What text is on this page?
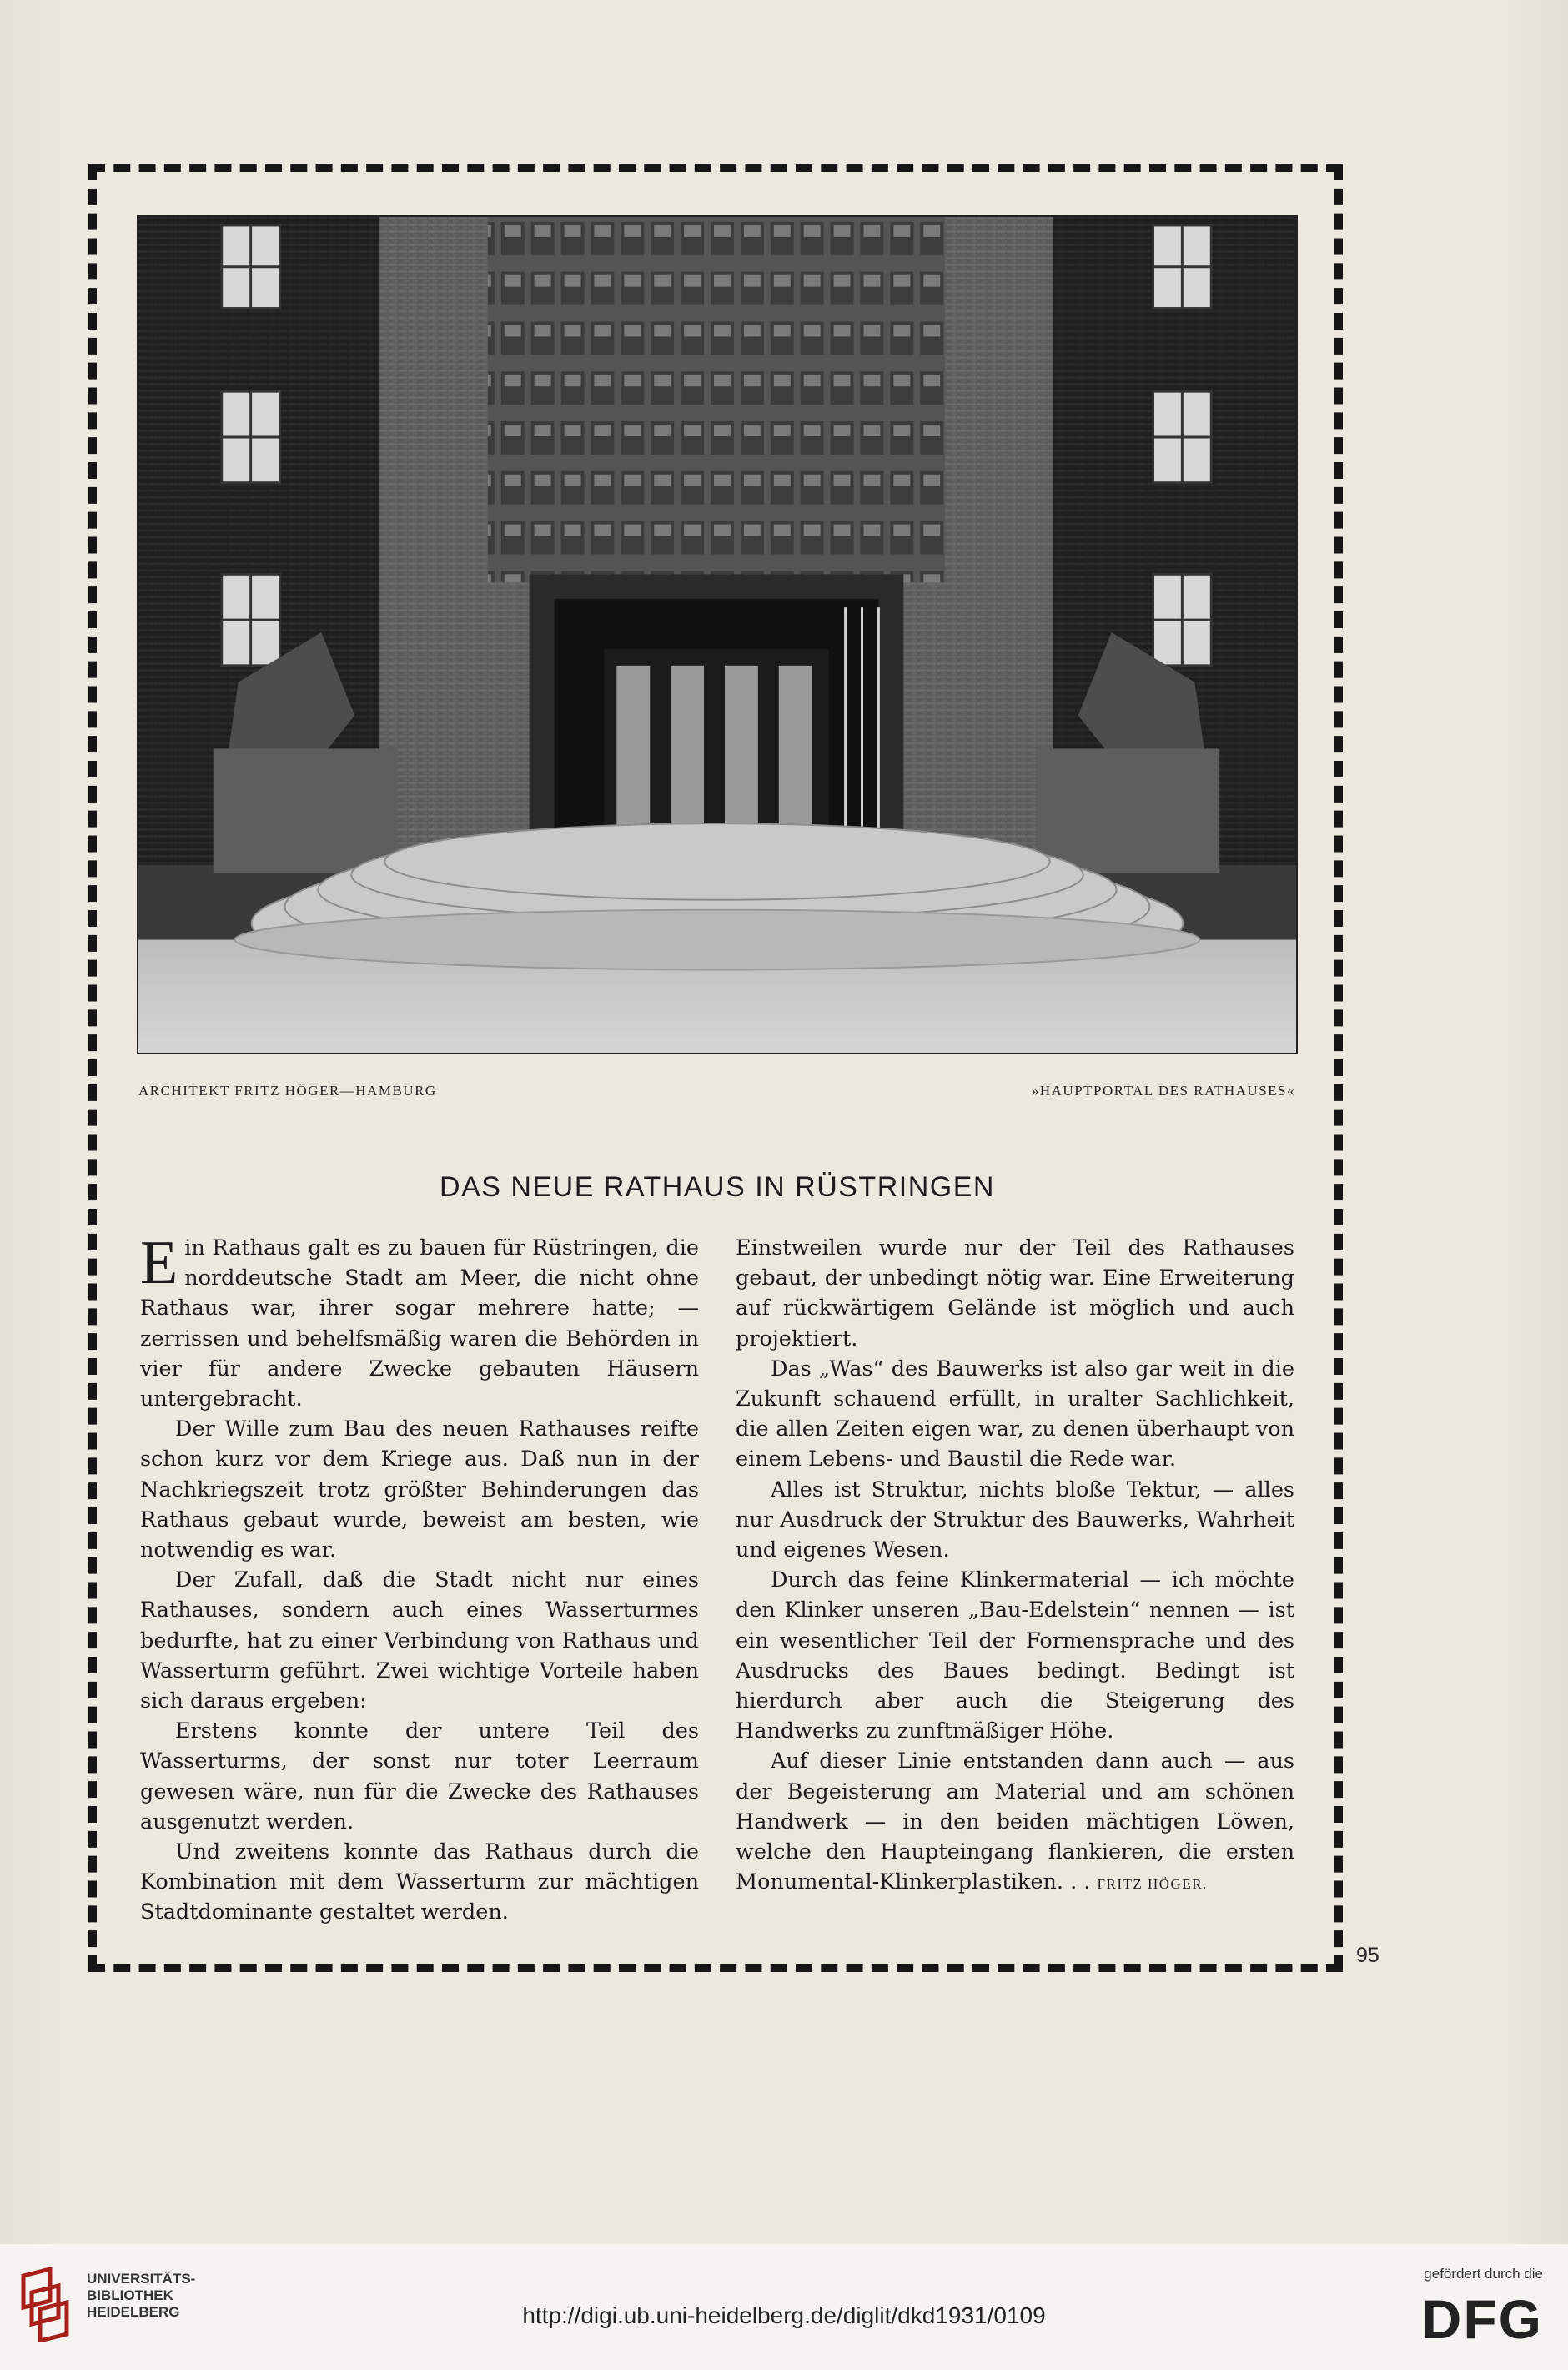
ARCHITEKT FRITZ HÖGER—HAMBURG	»HAUPTPORTAL DES RATHAUSES«
DAS NEUE RATHAUS IN RÜSTRINGEN

Ein Rathaus galt es zu bauen für Rüstringen, die norddeutsche Stadt am Meer, die nicht ohne Rathaus war, ihrer sogar mehrere hatte; — zerrissen und behelfsmäßig waren die Behörden in vier für andere Zwecke gebauten Häusern untergebracht.

Der Wille zum Bau des neuen Rathauses reifte schon kurz vor dem Kriege aus. Daß nun in der Nachkriegszeit trotz größter Behinderungen das Rathaus gebaut wurde, beweist am besten, wie notwendig es war.

Der Zufall, daß die Stadt nicht nur eines Rathauses, sondern auch eines Wasserturmes bedurfte, hat zu einer Verbindung von Rathaus und Wasserturm geführt. Zwei wichtige Vorteile haben sich daraus ergeben:

Erstens konnte der untere Teil des Wasserturms, der sonst nur toter Leerraum gewesen wäre, nun für die Zwecke des Rathauses ausgenutzt werden.

Und zweitens konnte das Rathaus durch die Kombination mit dem Wasserturm zur mächtigen Stadtdominante gestaltet werden.

Einstweilen wurde nur der Teil des Rathauses gebaut, der unbedingt nötig war. Eine Erweiterung auf rückwärtigem Gelände ist möglich und auch projektiert.

Das „Was“ des Bauwerks ist also gar weit in die Zukunft schauend erfüllt, in uralter Sachlichkeit, die allen Zeiten eigen war, zu denen überhaupt von einem Lebens- und Baustil die Rede war.

Alles ist Struktur, nichts bloße Tektur, — alles nur Ausdruck der Struktur des Bauwerks, Wahrheit und eigenes Wesen.

Durch das feine Klinkermaterial — ich möchte den Klinker unseren „Bau-Edelstein“ nennen — ist ein wesentlicher Teil der Formensprache und des Ausdrucks des Baues bedingt. Bedingt ist hierdurch aber auch die Steigerung des Handwerks zu zunftmäßiger Höhe.

Auf dieser Linie entstanden dann auch — aus der Begeisterung am Material und am schönen Handwerk — in den beiden mächtigen Löwen, welche den Haupteingang flankieren, die ersten Monumental-Klinkerplastiken. . . FRITZ HÖGER.

95
UNIVERSITÄTS-
BIBLIOTHEK
HEIDELBERG	http://digi.ub.uni-heidelberg.de/diglit/dkd1931/0109
gefördert durch die
DFG
